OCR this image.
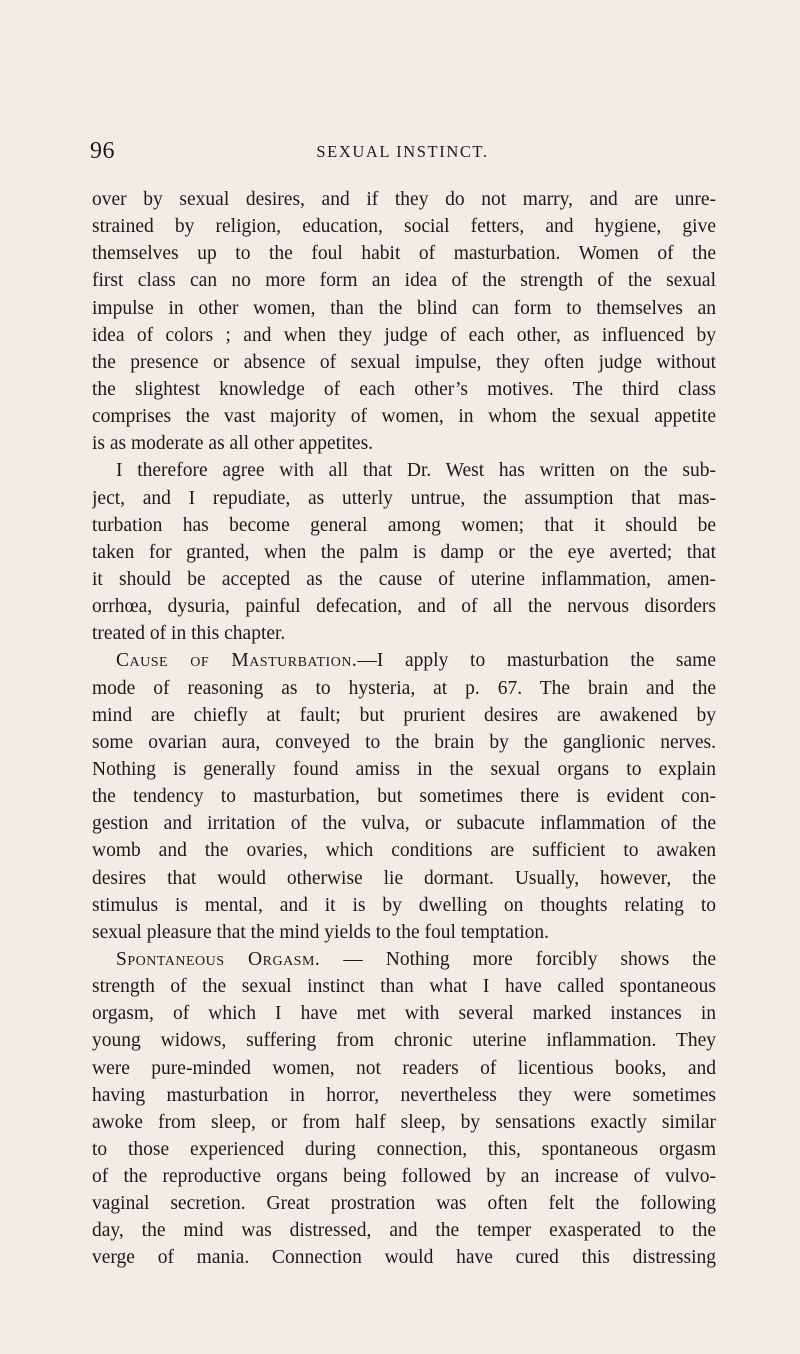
96	SEXUAL INSTINCT.
over by sexual desires, and if they do not marry, and are unre-
strained by religion, education, social fetters, and hygiene, give
themselves up to the foul habit of masturbation. Women of the
first class can no more form an idea of the strength of the sexual
impulse in other women, than the blind can form to themselves an
idea of colors ; and when they judge of each other, as influenced by
the presence or absence of sexual impulse, they often judge without
the slightest knowledge of each other’s motives. The third class
comprises the vast majority of women, in whom the sexual appetite
is as moderate as all other appetites.
I therefore agree with all that Dr. West has written on the sub-
ject, and I repudiate, as utterly untrue, the assumption that mas-
turbation has become general among women; that it should be
taken for granted, when the palm is damp or the eye averted; that
it should be accepted as the cause of uterine inflammation, amen-
orrhœa, dysuria, painful defecation, and of all the nervous disorders
treated of in this chapter.
Cause of Masturbation.—I apply to masturbation the same
mode of reasoning as to hysteria, at p. 67. The brain and the
mind are chiefly at fault; but prurient desires are awakened by
some ovarian aura, conveyed to the brain by the ganglionic nerves.
Nothing is generally found amiss in the sexual organs to explain
the tendency to masturbation, but sometimes there is evident con-
gestion and irritation of the vulva, or subacute inflammation of the
womb and the ovaries, which conditions are sufficient to awaken
desires that would otherwise lie dormant. Usually, however, the
stimulus is mental, and it is by dwelling on thoughts relating to
sexual pleasure that the mind yields to the foul temptation.
Spontaneous Orgasm. — Nothing more forcibly shows the
strength of the sexual instinct than what I have called spontaneous
orgasm, of which I have met with several marked instances in
young widows, suffering from chronic uterine inflammation. They
were pure-minded women, not readers of licentious books, and
having masturbation in horror, nevertheless they were sometimes
awoke from sleep, or from half sleep, by sensations exactly similar
to those experienced during connection, this, spontaneous orgasm
of the reproductive organs being followed by an increase of vulvo-
vaginal secretion. Great prostration was often felt the following
day, the mind was distressed, and the temper exasperated to the
verge of mania. Connection would have cured this distressing
